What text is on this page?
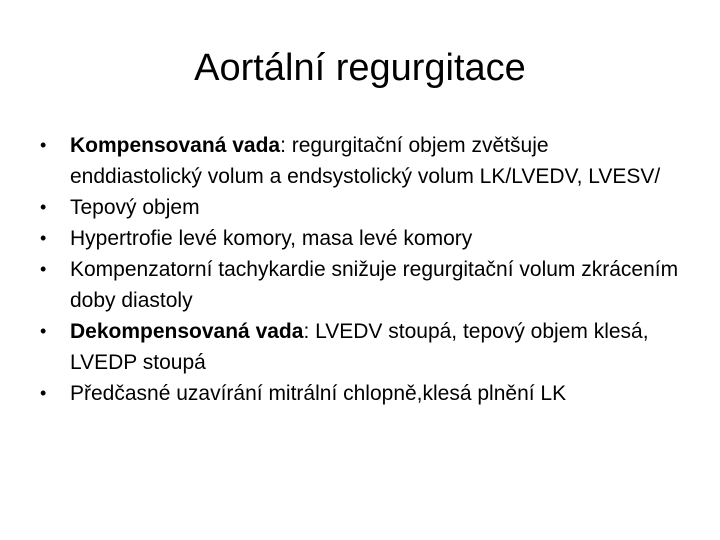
Aortální regurgitace
• Kompensovaná vada: regurgitační objem zvětšuje enddiastolický volum a endsystolický volum LK/LVEDV, LVESV/
• Tepový objem
• Hypertrofie levé komory, masa levé komory
• Kompenzatorní tachykardie snižuje regurgitační volum zkrácením doby diastoly
• Dekompensovaná vada: LVEDV stoupá, tepový objem klesá, LVEDP stoupá
• Předčasné uzavírání mitrální chlopně,klesá plnění LK
